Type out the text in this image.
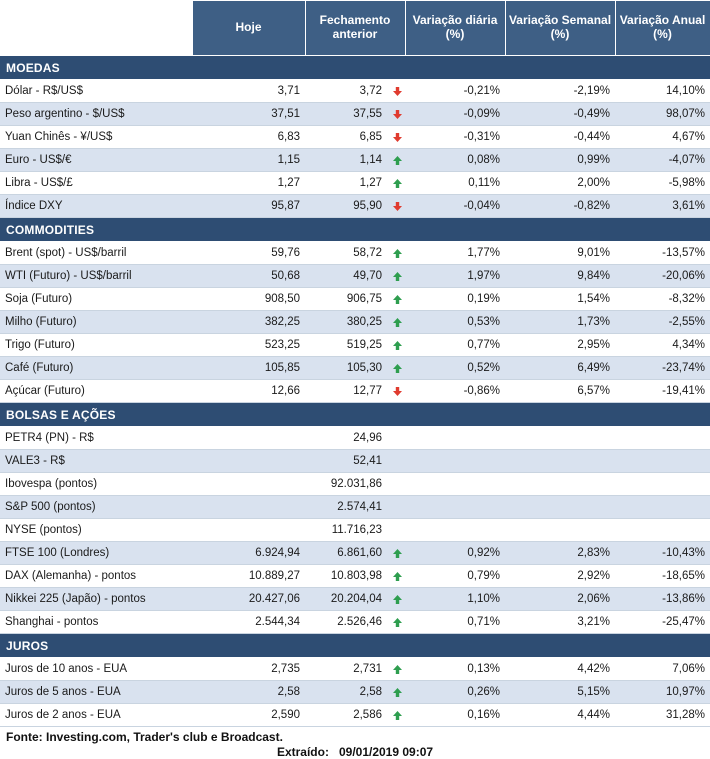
	Hoje	Fechamento anterior		Variação diária (%)	Variação Semanal (%)	Variação Anual (%)
MOEDAS						
Dólar - R$/US$	3,71	3,72		-0,21%	-2,19%	14,10%
Peso argentino - $/US$	37,51	37,55		-0,09%	-0,49%	98,07%
Yuan Chinês - ¥/US$	6,83	6,85		-0,31%	-0,44%	4,67%
Euro - US$/€	1,15	1,14		0,08%	0,99%	-4,07%
Libra - US$/£	1,27	1,27		0,11%	2,00%	-5,98%
Índice DXY	95,87	95,90		-0,04%	-0,82%	3,61%
COMMODITIES						
Brent (spot) - US$/barril	59,76	58,72		1,77%	9,01%	-13,57%
WTI (Futuro) - US$/barril	50,68	49,70		1,97%	9,84%	-20,06%
Soja (Futuro)	908,50	906,75		0,19%	1,54%	-8,32%
Milho (Futuro)	382,25	380,25		0,53%	1,73%	-2,55%
Trigo (Futuro)	523,25	519,25		0,77%	2,95%	4,34%
Café (Futuro)	105,85	105,30		0,52%	6,49%	-23,74%
Açúcar (Futuro)	12,66	12,77		-0,86%	6,57%	-19,41%
BOLSAS E AÇÕES						
PETR4 (PN) - R$		24,96				
VALE3 - R$		52,41				
Ibovespa (pontos)		92.031,86				
S&P 500 (pontos)		2.574,41				
NYSE (pontos)		11.716,23				
FTSE 100 (Londres)	6.924,94	6.861,60		0,92%	2,83%	-10,43%
DAX (Alemanha) - pontos	10.889,27	10.803,98		0,79%	2,92%	-18,65%
Nikkei 225 (Japão) - pontos	20.427,06	20.204,04		1,10%	2,06%	-13,86%
Shanghai - pontos	2.544,34	2.526,46		0,71%	3,21%	-25,47%
JUROS						
Juros de 10 anos - EUA	2,735	2,731		0,13%	4,42%	7,06%
Juros de 5 anos - EUA	2,58	2,58		0,26%	5,15%	10,97%
Juros de 2 anos - EUA	2,590	2,586		0,16%	4,44%	31,28%
Fonte: Investing.com, Trader's club e Broadcast.
Extraído: 09/01/2019 09:07
